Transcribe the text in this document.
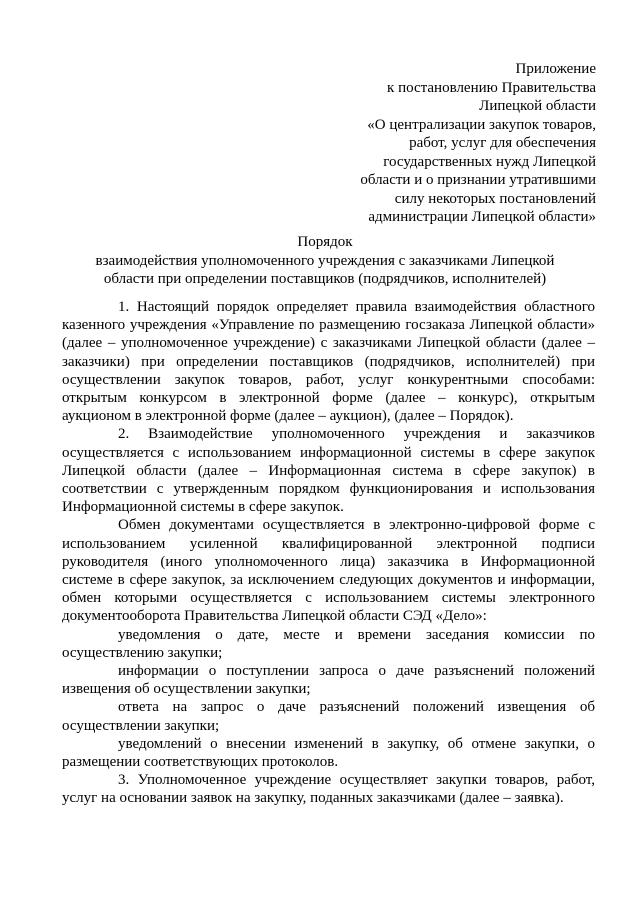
Приложение
к постановлению Правительства
Липецкой области
«О централизации закупок товаров,
работ, услуг для обеспечения
государственных нужд Липецкой
области и о признании утратившими
силу некоторых постановлений
администрации Липецкой области»
Порядок
взаимодействия уполномоченного учреждения с заказчиками Липецкой
области при определении поставщиков (подрядчиков, исполнителей)

1. Настоящий порядок определяет правила взаимодействия областного казенного учреждения «Управление по размещению госзаказа Липецкой области» (далее – уполномоченное учреждение) с заказчиками Липецкой области (далее – заказчики) при определении поставщиков (подрядчиков, исполнителей) при осуществлении закупок товаров, работ, услуг конкурентными способами: открытым конкурсом в электронной форме (далее – конкурс), открытым аукционом в электронной форме (далее – аукцион), (далее – Порядок).

2. Взаимодействие уполномоченного учреждения и заказчиков осуществляется с использованием информационной системы в сфере закупок Липецкой области (далее – Информационная система в сфере закупок) в соответствии с утвержденным порядком функционирования и использования Информационной системы в сфере закупок.

Обмен документами осуществляется в электронно-цифровой форме с использованием усиленной квалифицированной электронной подписи руководителя (иного уполномоченного лица) заказчика в Информационной системе в сфере закупок, за исключением следующих документов и информации, обмен которыми осуществляется с использованием системы электронного документооборота Правительства Липецкой области СЭД «Дело»:

уведомления о дате, месте и времени заседания комиссии по осуществлению закупки;

информации о поступлении запроса о даче разъяснений положений извещения об осуществлении закупки;

ответа на запрос о даче разъяснений положений извещения об осуществлении закупки;

уведомлений о внесении изменений в закупку, об отмене закупки, о размещении соответствующих протоколов.

3. Уполномоченное учреждение осуществляет закупки товаров, работ, услуг на основании заявок на закупку, поданных заказчиками (далее – заявка).
